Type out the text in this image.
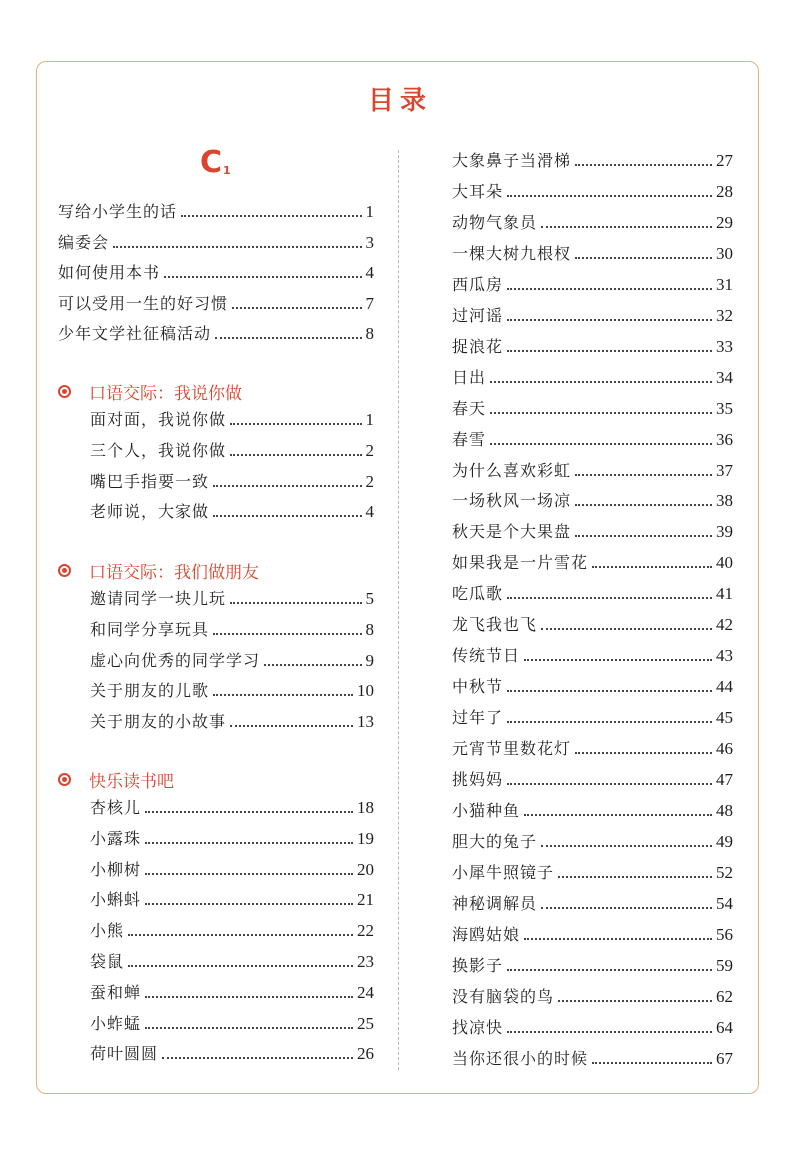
目录
C1
写给小学生的话	1
编委会	3
如何使用本书	4
可以受用一生的好习惯	7
少年文学社征稿活动	8
口语交际：我说你做
面对面，我说你做	1
三个人，我说你做	2
嘴巴手指要一致	2
老师说，大家做	4
口语交际：我们做朋友
邀请同学一块儿玩	5
和同学分享玩具	8
虚心向优秀的同学学习	9
关于朋友的儿歌	10
关于朋友的小故事	13
快乐读书吧
杏核儿	18
小露珠	19
小柳树	20
小蝌蚪	21
小熊	22
袋鼠	23
蚕和蝉	24
小蚱蜢	25
荷叶圆圆	26
大象鼻子当滑梯	27
大耳朵	28
动物气象员	29
一棵大树九根杈	30
西瓜房	31
过河谣	32
捉浪花	33
日出	34
春天	35
春雪	36
为什么喜欢彩虹	37
一场秋风一场凉	38
秋天是个大果盘	39
如果我是一片雪花	40
吃瓜歌	41
龙飞我也飞	42
传统节日	43
中秋节	44
过年了	45
元宵节里数花灯	46
挑妈妈	47
小猫种鱼	48
胆大的兔子	49
小犀牛照镜子	52
神秘调解员	54
海鸥姑娘	56
换影子	59
没有脑袋的鸟	62
找凉快	64
当你还很小的时候	67
